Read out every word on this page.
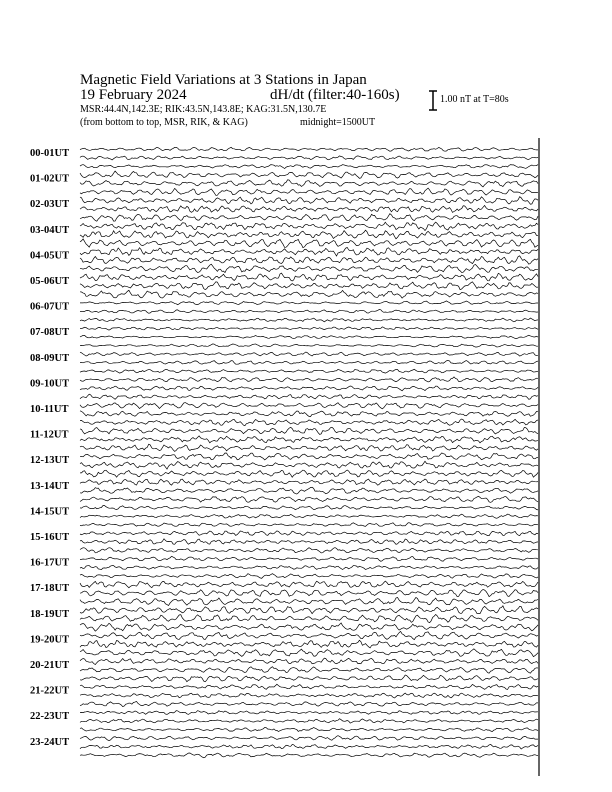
Magnetic Field Variations at 3 Stations in Japan
19 February 2024	dH/dt (filter:40-160s)
MSR:44.4N,142.3E; RIK:43.5N,143.8E; KAG:31.5N,130.7E
(from bottom to top, MSR, RIK, & KAG)	midnight=1500UT
1.00 nT at T=80s
00-01UT
01-02UT
02-03UT
03-04UT
04-05UT
05-06UT
06-07UT
07-08UT
08-09UT
09-10UT
10-11UT
11-12UT
12-13UT
13-14UT
14-15UT
15-16UT
16-17UT
17-18UT
18-19UT
19-20UT
20-21UT
21-22UT
22-23UT
23-24UT
